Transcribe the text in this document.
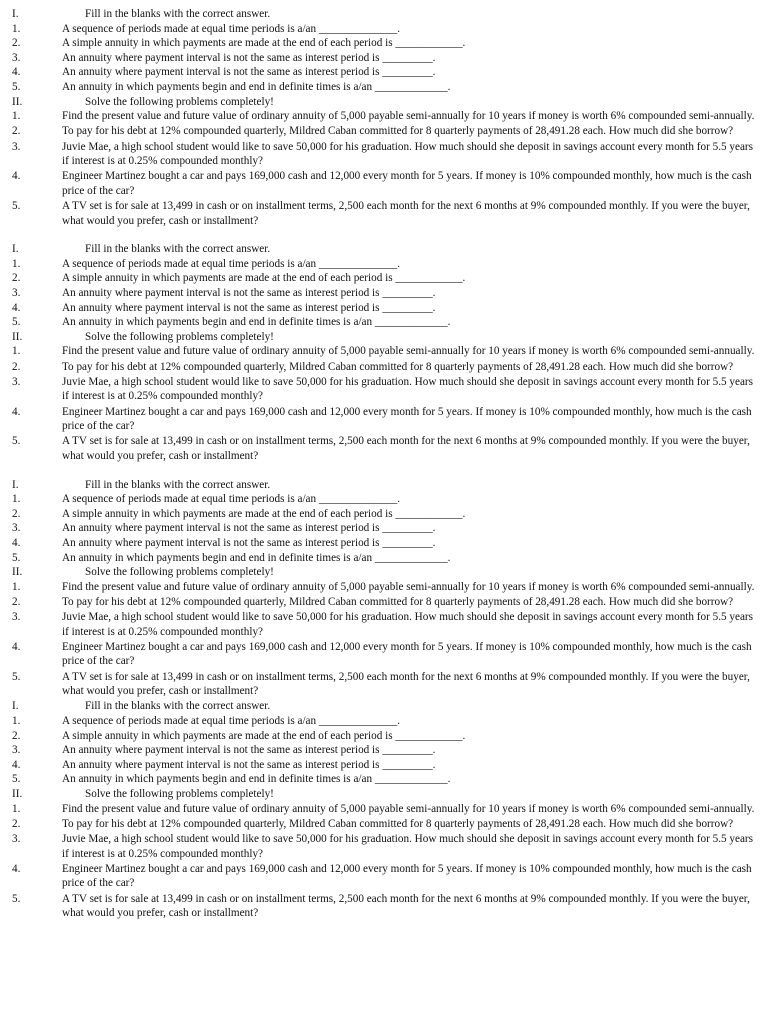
I.	Fill in the blanks with the correct answer.
1.	A sequence of periods made at equal time periods is a/an ______________.
2.	A simple annuity in which payments are made at the end of each period is ____________.
3.	An annuity where payment interval is not the same as interest period is _________.
4.	An annuity where payment interval is not the same as interest period is _________.
5.	An annuity in which payments begin and end in definite times is a/an _____________.
II.	Solve the following problems completely!
1.	Find the present value and future value of ordinary annuity of 5,000 payable semi-annually for 10 years if money is worth 6% compounded semi-annually.
2.	To pay for his debt at 12% compounded quarterly, Mildred Caban committed for 8 quarterly payments of 28,491.28 each. How much did she borrow?
3.	Juvie Mae, a high school student would like to save 50,000 for his graduation. How much should she deposit in savings account every month for 5.5 years if interest is at 0.25% compounded monthly?
4.	Engineer Martinez bought a car and pays 169,000 cash and 12,000 every month for 5 years. If money is 10% compounded monthly, how much is the cash price of the car?
5.	A TV set is for sale at 13,499 in cash or on installment terms, 2,500 each month for the next 6 months at 9% compounded monthly. If you were the buyer, what would you prefer, cash or installment?
I.	Fill in the blanks with the correct answer.
1.	A sequence of periods made at equal time periods is a/an ______________.
2.	A simple annuity in which payments are made at the end of each period is ____________.
3.	An annuity where payment interval is not the same as interest period is _________.
4.	An annuity where payment interval is not the same as interest period is _________.
5.	An annuity in which payments begin and end in definite times is a/an _____________.
II.	Solve the following problems completely!
1.	Find the present value and future value of ordinary annuity of 5,000 payable semi-annually for 10 years if money is worth 6% compounded semi-annually.
2.	To pay for his debt at 12% compounded quarterly, Mildred Caban committed for 8 quarterly payments of 28,491.28 each. How much did she borrow?
3.	Juvie Mae, a high school student would like to save 50,000 for his graduation. How much should she deposit in savings account every month for 5.5 years if interest is at 0.25% compounded monthly?
4.	Engineer Martinez bought a car and pays 169,000 cash and 12,000 every month for 5 years. If money is 10% compounded monthly, how much is the cash price of the car?
5.	A TV set is for sale at 13,499 in cash or on installment terms, 2,500 each month for the next 6 months at 9% compounded monthly. If you were the buyer, what would you prefer, cash or installment?
I.	Fill in the blanks with the correct answer.
1.	A sequence of periods made at equal time periods is a/an ______________.
2.	A simple annuity in which payments are made at the end of each period is ____________.
3.	An annuity where payment interval is not the same as interest period is _________.
4.	An annuity where payment interval is not the same as interest period is _________.
5.	An annuity in which payments begin and end in definite times is a/an _____________.
II.	Solve the following problems completely!
1.	Find the present value and future value of ordinary annuity of 5,000 payable semi-annually for 10 years if money is worth 6% compounded semi-annually.
2.	To pay for his debt at 12% compounded quarterly, Mildred Caban committed for 8 quarterly payments of 28,491.28 each. How much did she borrow?
3.	Juvie Mae, a high school student would like to save 50,000 for his graduation. How much should she deposit in savings account every month for 5.5 years if interest is at 0.25% compounded monthly?
4.	Engineer Martinez bought a car and pays 169,000 cash and 12,000 every month for 5 years. If money is 10% compounded monthly, how much is the cash price of the car?
5.	A TV set is for sale at 13,499 in cash or on installment terms, 2,500 each month for the next 6 months at 9% compounded monthly. If you were the buyer, what would you prefer, cash or installment?
I.	Fill in the blanks with the correct answer.
1.	A sequence of periods made at equal time periods is a/an ______________.
2.	A simple annuity in which payments are made at the end of each period is ____________.
3.	An annuity where payment interval is not the same as interest period is _________.
4.	An annuity where payment interval is not the same as interest period is _________.
5.	An annuity in which payments begin and end in definite times is a/an _____________.
II.	Solve the following problems completely!
1.	Find the present value and future value of ordinary annuity of 5,000 payable semi-annually for 10 years if money is worth 6% compounded semi-annually.
2.	To pay for his debt at 12% compounded quarterly, Mildred Caban committed for 8 quarterly payments of 28,491.28 each. How much did she borrow?
3.	Juvie Mae, a high school student would like to save 50,000 for his graduation. How much should she deposit in savings account every month for 5.5 years if interest is at 0.25% compounded monthly?
4.	Engineer Martinez bought a car and pays 169,000 cash and 12,000 every month for 5 years. If money is 10% compounded monthly, how much is the cash price of the car?
5.	A TV set is for sale at 13,499 in cash or on installment terms, 2,500 each month for the next 6 months at 9% compounded monthly. If you were the buyer, what would you prefer, cash or installment?
